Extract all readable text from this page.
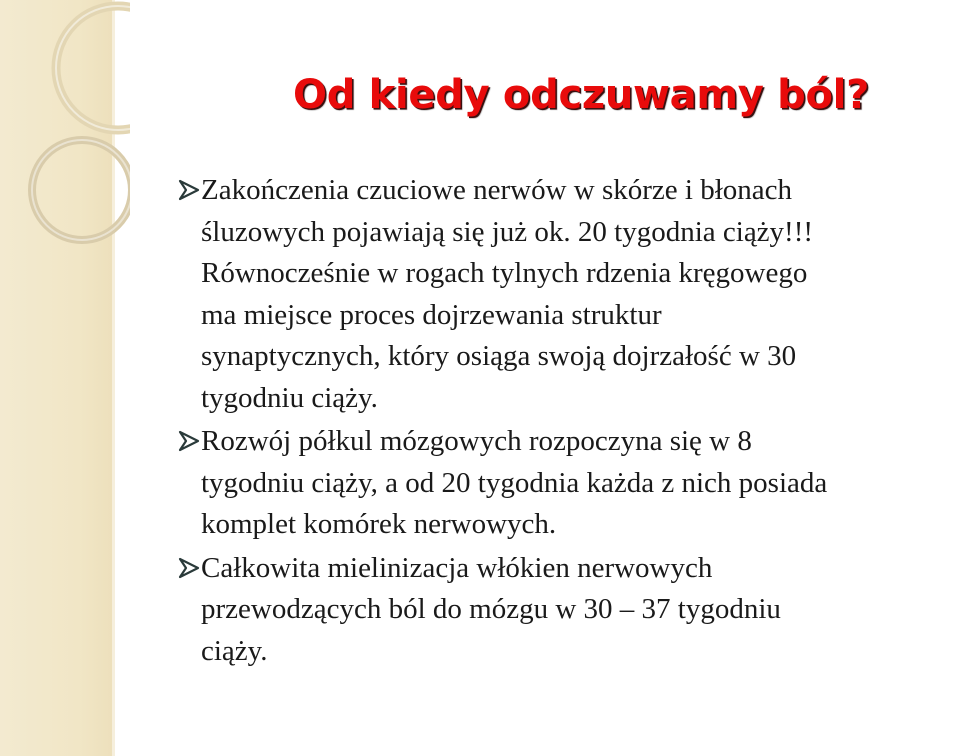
Od kiedy odczuwamy ból?

Zakończenia czuciowe nerwów w skórze i błonach
śluzowych pojawiają się już ok. 20 tygodnia ciąży!!!
Równocześnie w rogach tylnych rdzenia kręgowego
ma miejsce proces dojrzewania struktur
synaptycznych, który osiąga swoją dojrzałość w 30
tygodniu ciąży.

Rozwój półkul mózgowych rozpoczyna się w 8
tygodniu ciąży, a od 20 tygodnia każda z nich posiada
komplet komórek nerwowych.

Całkowita mielinizacja włókien nerwowych
przewodzących ból do mózgu w 30 – 37 tygodniu
ciąży.
